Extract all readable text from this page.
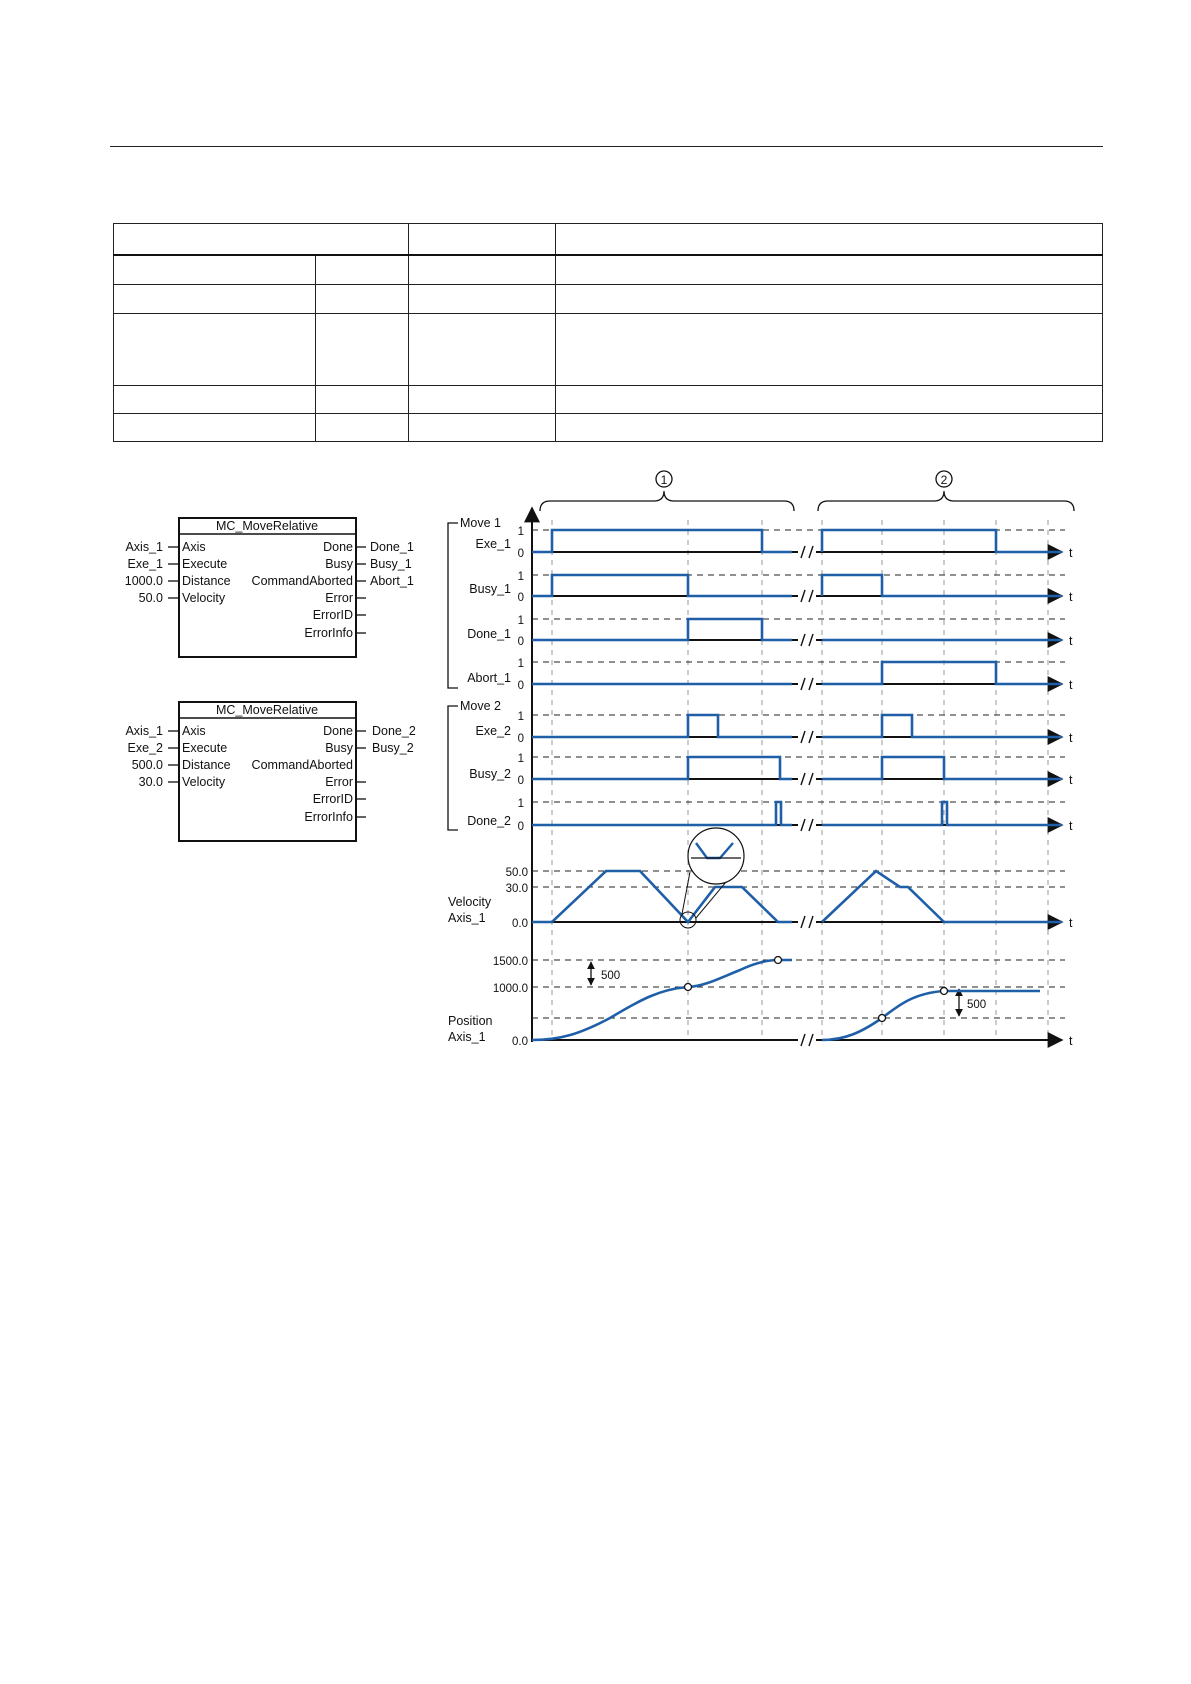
MC_MoveRelative
Axis_1
Exe_1
1000.0
50.0
Axis
Execute
Distance
Velocity
Done
Busy
CommandAborted
Error
ErrorID
ErrorInfo
Done_1
Busy_1
Abort_1
MC_MoveRelative
Axis_1
Exe_2
500.0
30.0
Axis
Execute
Distance
Velocity
Done
Busy
CommandAborted
Error
ErrorID
ErrorInfo
Done_2
Busy_2
1	2
Move 1
Move 2
Exe_1
1
0	t
Busy_1
1
0	t
Done_1
1
0	t
Abort_1
1
0	t
Exe_2
1
0	t
Busy_2
1
0	t
Done_2
1
0	t
50.0
30.0
0.0
Velocity
Axis_1	t
1500.0
1000.0
0.0
Position
Axis_1	t
500
500
